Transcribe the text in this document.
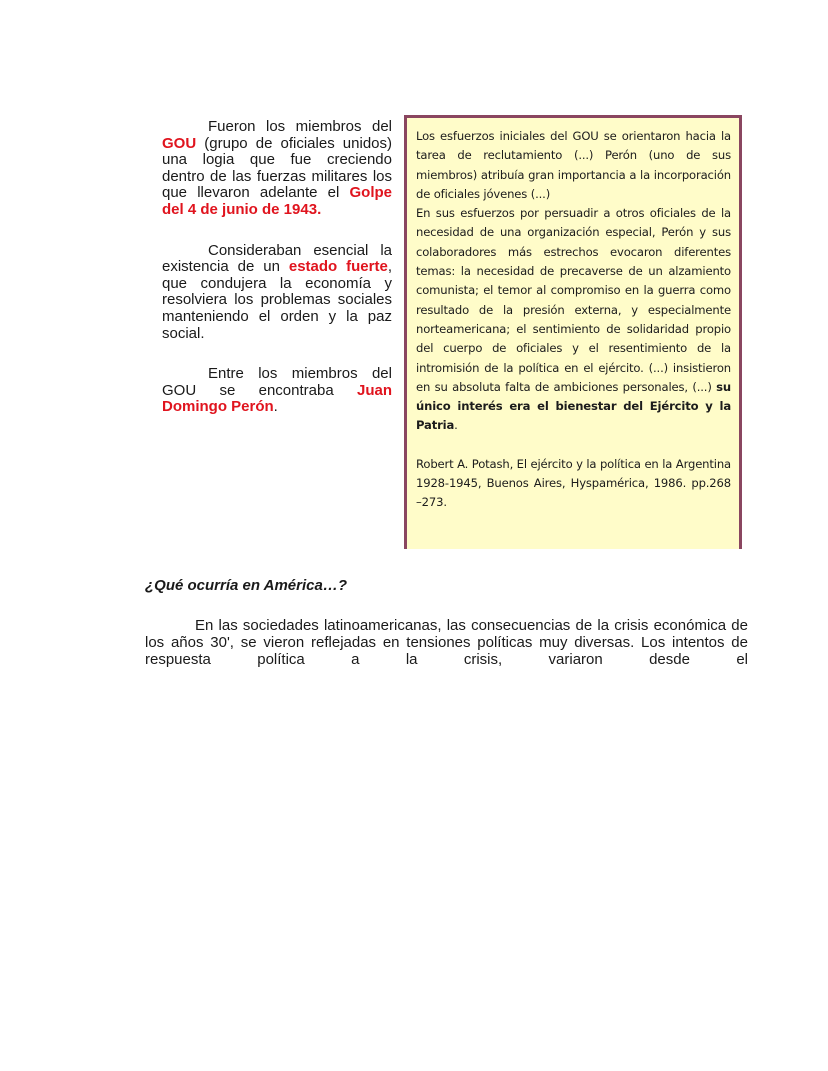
Fueron los miembros del GOU (grupo de oficiales unidos) una logia que fue creciendo dentro de las fuerzas militares los que llevaron adelante el Golpe del 4 de junio de 1943.

Consideraban esencial la existencia de un estado fuerte, que condujera la economía y resolviera los problemas sociales manteniendo el orden y la paz social.

Entre los miembros del GOU se encontraba Juan Domingo Perón.

Los esfuerzos iniciales del GOU se orientaron hacia la tarea de reclutamiento (...) Perón (uno de sus miembros) atribuía gran importancia a la incorporación de oficiales jóvenes (...)

En sus esfuerzos por persuadir a otros oficiales de la necesidad de una organización especial, Perón y sus colaboradores más estrechos evocaron diferentes temas: la necesidad de precaverse de un alzamiento comunista; el temor al compromiso en la guerra como resultado de la presión externa, y especialmente norteamericana; el sentimiento de solidaridad propio del cuerpo de oficiales y el resentimiento de la intromisión de la política en el ejército. (...) insistieron en su absoluta falta de ambiciones personales, (...) su único interés era el bienestar del Ejército y la Patria.

Robert A. Potash, El ejército y la política en la Argentina 1928-1945, Buenos Aires, Hyspamérica, 1986. pp.268 –273.

¿Qué ocurría en América…?

En las sociedades latinoamericanas, las consecuencias de la crisis económica de los años 30', se vieron reflejadas en tensiones políticas muy diversas. Los intentos de respuesta política a la crisis, variaron desde el
